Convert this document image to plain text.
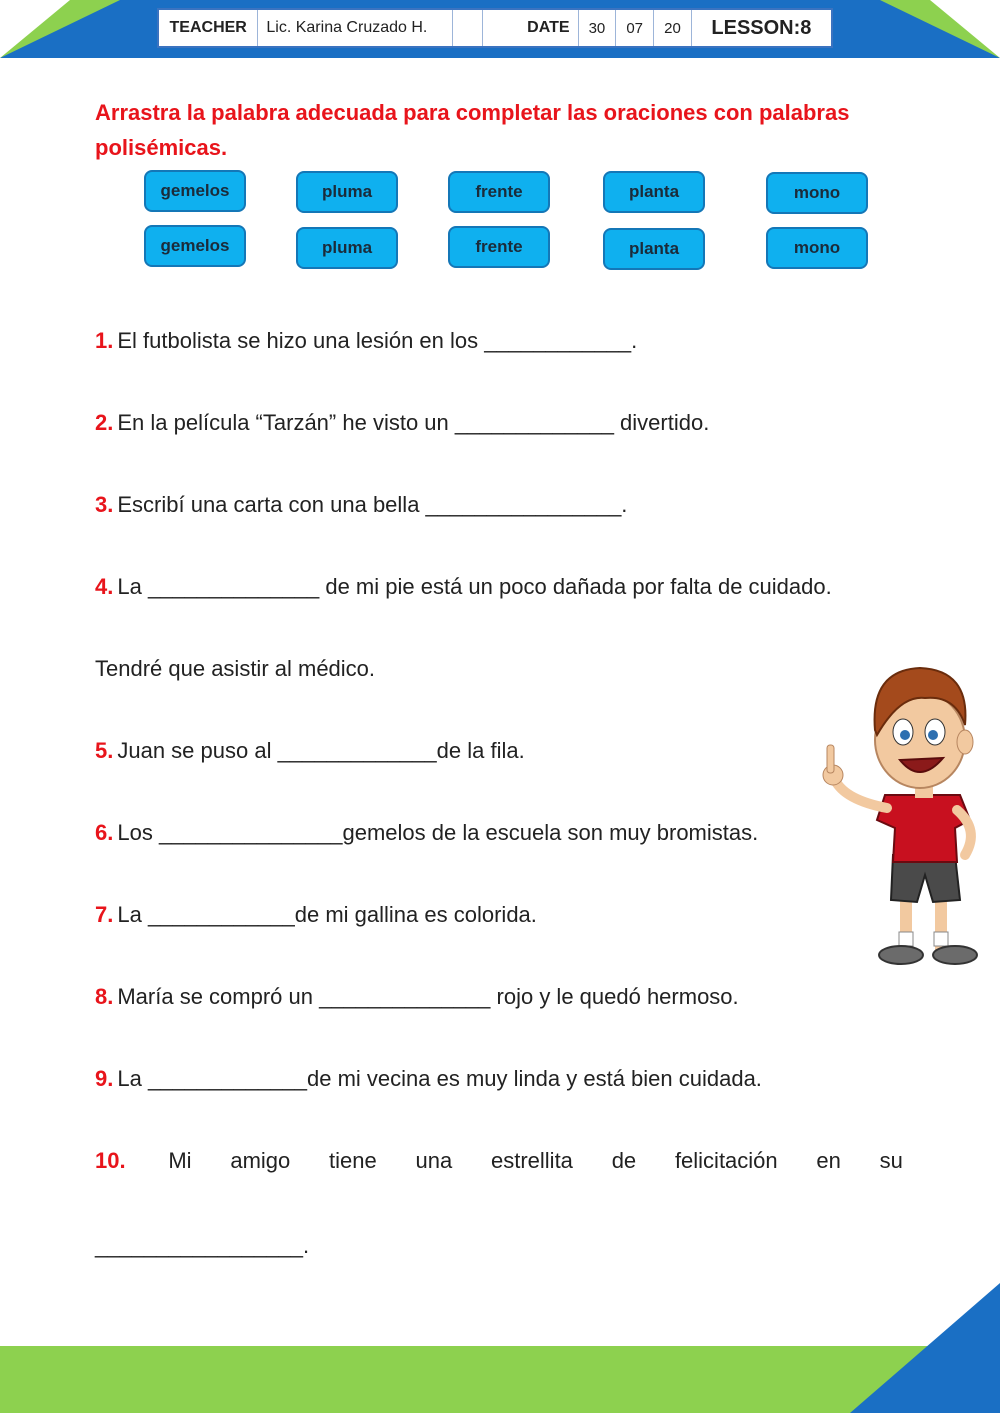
TEACHER	Lic. Karina Cruzado H.	DATE	30	07	20	LESSON:8
Arrastra la palabra adecuada para completar las oraciones con palabras polisémicas.
gemelos	pluma	frente	planta	mono
gemelos	pluma	frente	planta	mono
1. El futbolista se hizo una lesión en los ____________.
2. En la película “Tarzán” he visto un _____________ divertido.
3. Escribí una carta con una bella ________________.
4. La ______________ de mi pie está un poco dañada por falta de cuidado.
Tendré que asistir al médico.
5. Juan se puso al _____________de la fila.
6. Los _______________gemelos de la escuela son muy bromistas.
7. La ____________de mi gallina es colorida.
8. María se compró un ______________ rojo y le quedó hermoso.
9. La _____________de mi vecina es muy linda y está bien cuidada.
10. Mi amigo tiene una estrellita de felicitación en su
_________________.
